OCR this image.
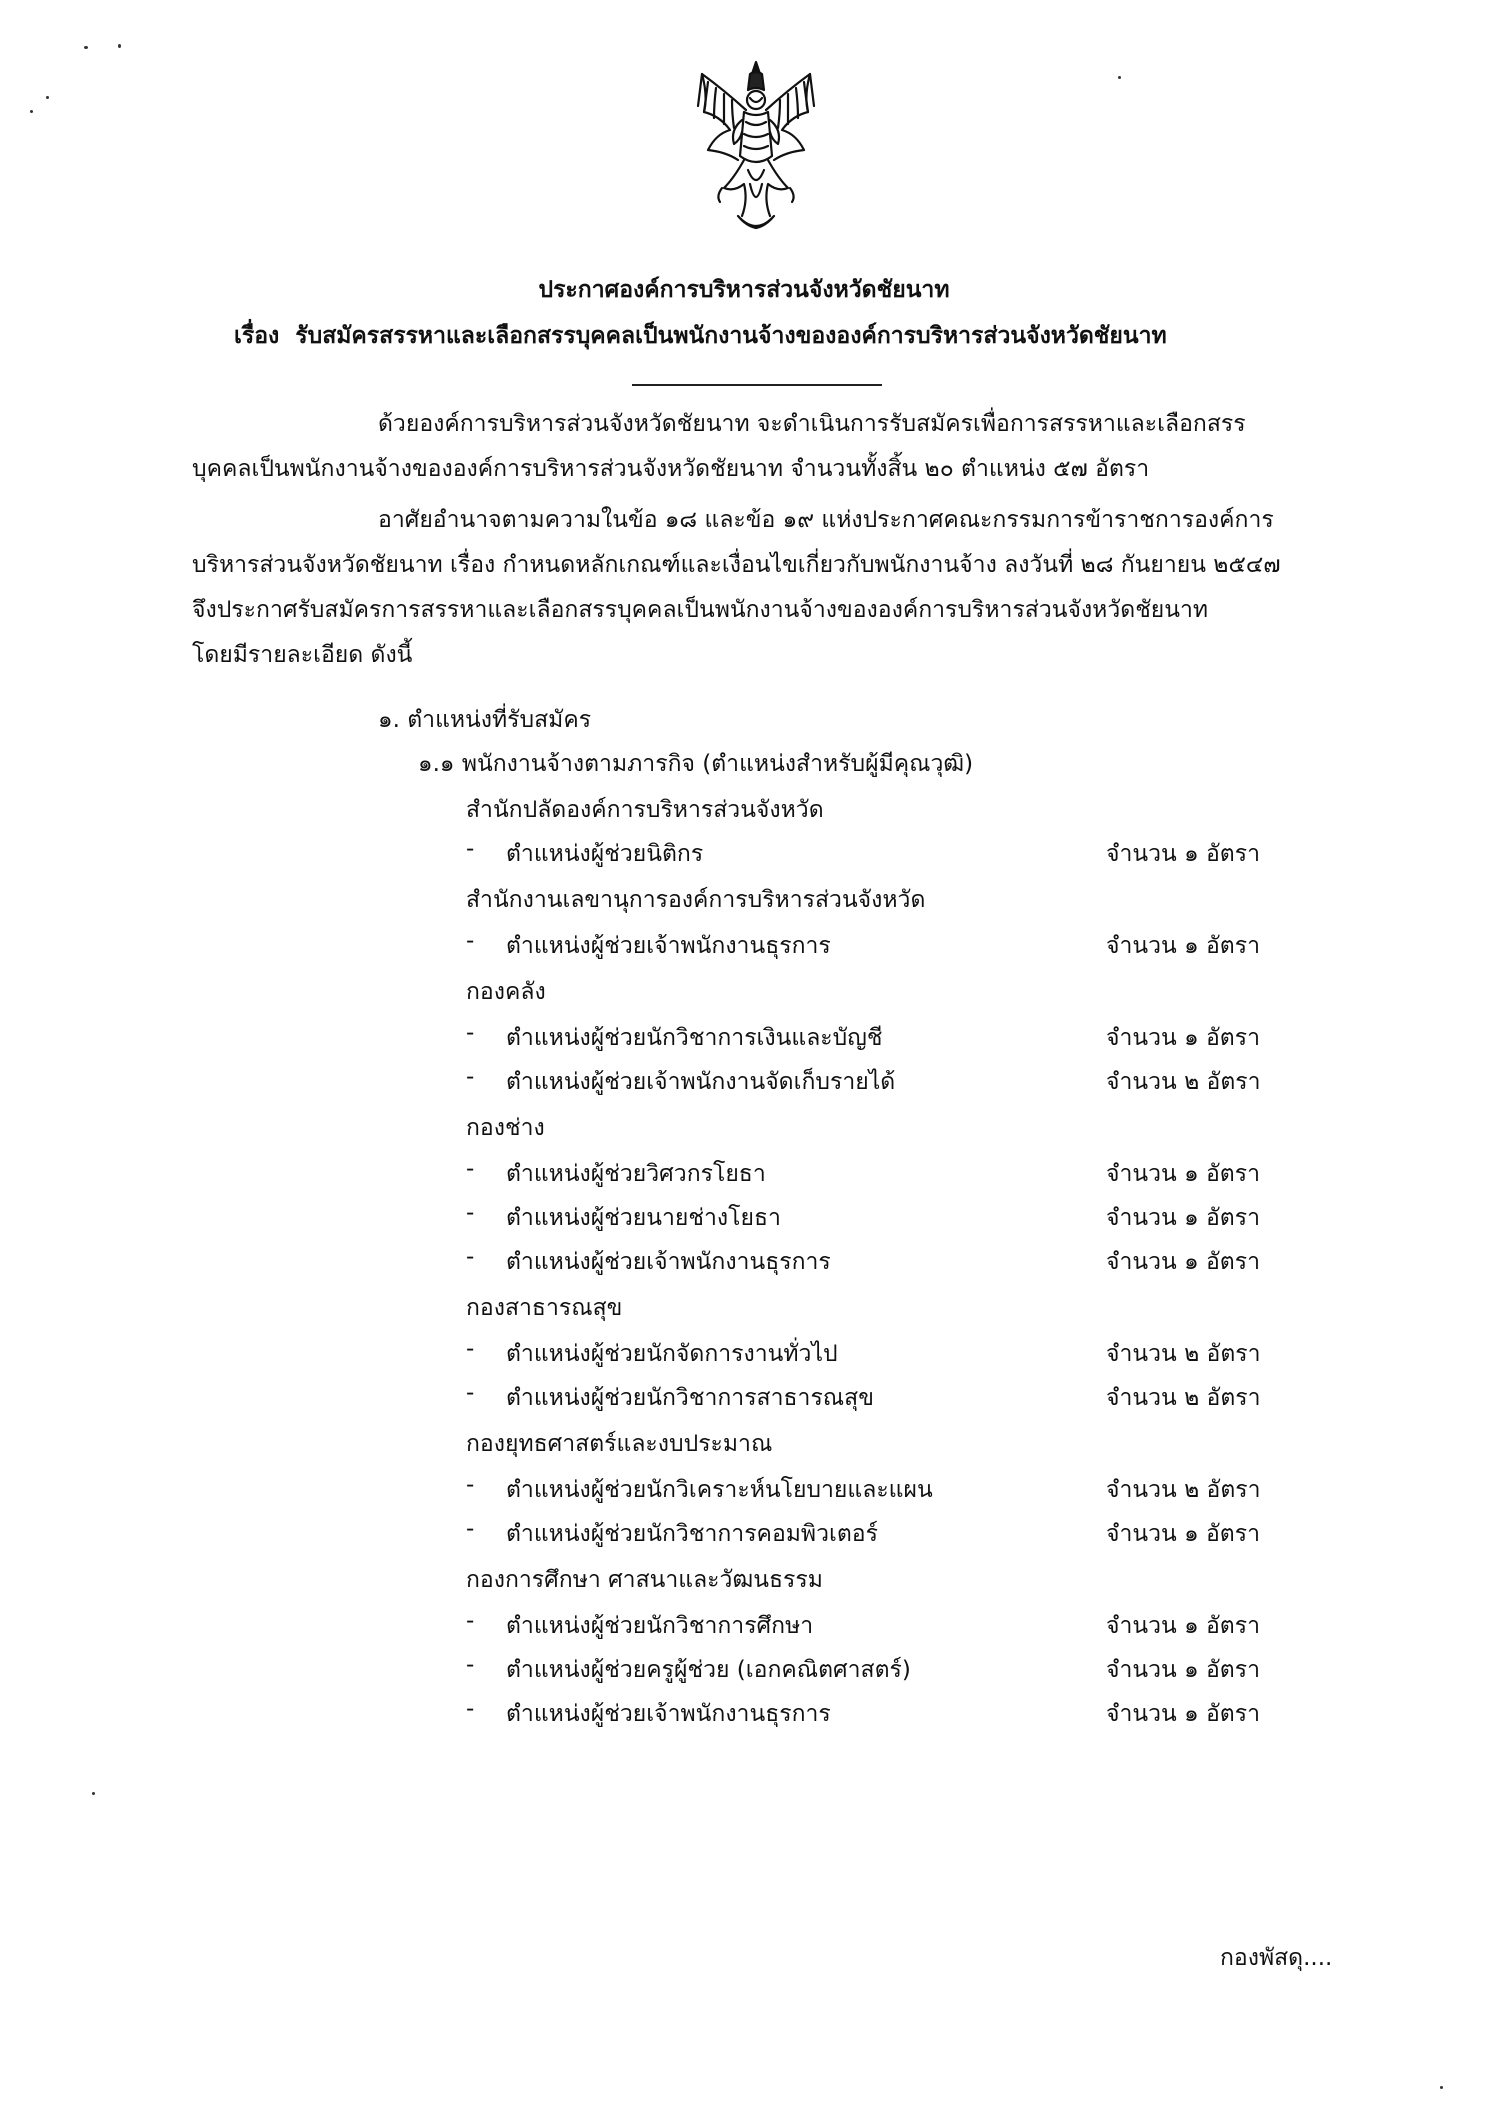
ประกาศองค์การบริหารส่วนจังหวัดชัยนาท
เรื่อง รับสมัครสรรหาและเลือกสรรบุคคลเป็นพนักงานจ้างขององค์การบริหารส่วนจังหวัดชัยนาท
ด้วยองค์การบริหารส่วนจังหวัดชัยนาท จะดำเนินการรับสมัครเพื่อการสรรหาและเลือกสรร
บุคคลเป็นพนักงานจ้างขององค์การบริหารส่วนจังหวัดชัยนาท จำนวนทั้งสิ้น ๒๐ ตำแหน่ง ๕๗ อัตรา
อาศัยอำนาจตามความในข้อ ๑๘ และข้อ ๑๙ แห่งประกาศคณะกรรมการข้าราชการองค์การ
บริหารส่วนจังหวัดชัยนาท เรื่อง กำหนดหลักเกณฑ์และเงื่อนไขเกี่ยวกับพนักงานจ้าง ลงวันที่ ๒๘ กันยายน ๒๕๔๗
จึงประกาศรับสมัครการสรรหาและเลือกสรรบุคคลเป็นพนักงานจ้างขององค์การบริหารส่วนจังหวัดชัยนาท
โดยมีรายละเอียด ดังนี้
๑. ตำแหน่งที่รับสมัคร
๑.๑ พนักงานจ้างตามภารกิจ (ตำแหน่งสำหรับผู้มีคุณวุฒิ)
สำนักปลัดองค์การบริหารส่วนจังหวัด
- ตำแหน่งผู้ช่วยนิติกร	จำนวน ๑ อัตรา
สำนักงานเลขานุการองค์การบริหารส่วนจังหวัด
- ตำแหน่งผู้ช่วยเจ้าพนักงานธุรการ	จำนวน ๑ อัตรา
กองคลัง
- ตำแหน่งผู้ช่วยนักวิชาการเงินและบัญชี	จำนวน ๑ อัตรา
- ตำแหน่งผู้ช่วยเจ้าพนักงานจัดเก็บรายได้	จำนวน ๒ อัตรา
กองช่าง
- ตำแหน่งผู้ช่วยวิศวกรโยธา	จำนวน ๑ อัตรา
- ตำแหน่งผู้ช่วยนายช่างโยธา	จำนวน ๑ อัตรา
- ตำแหน่งผู้ช่วยเจ้าพนักงานธุรการ	จำนวน ๑ อัตรา
กองสาธารณสุข
- ตำแหน่งผู้ช่วยนักจัดการงานทั่วไป	จำนวน ๒ อัตรา
- ตำแหน่งผู้ช่วยนักวิชาการสาธารณสุข	จำนวน ๒ อัตรา
กองยุทธศาสตร์และงบประมาณ
- ตำแหน่งผู้ช่วยนักวิเคราะห์นโยบายและแผน	จำนวน ๒ อัตรา
- ตำแหน่งผู้ช่วยนักวิชาการคอมพิวเตอร์	จำนวน ๑ อัตรา
กองการศึกษา ศาสนาและวัฒนธรรม
- ตำแหน่งผู้ช่วยนักวิชาการศึกษา	จำนวน ๑ อัตรา
- ตำแหน่งผู้ช่วยครูผู้ช่วย (เอกคณิตศาสตร์)	จำนวน ๑ อัตรา
- ตำแหน่งผู้ช่วยเจ้าพนักงานธุรการ	จำนวน ๑ อัตรา
กองพัสดุ....
